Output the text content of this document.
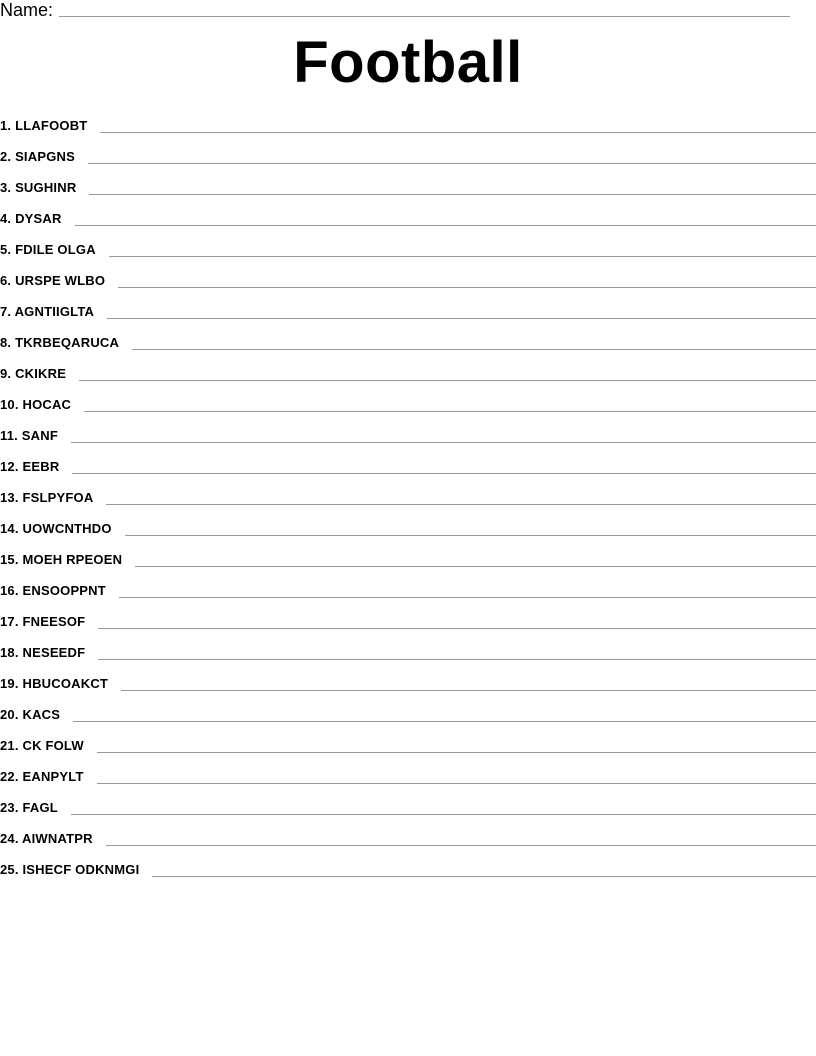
Name:
Football
1. LLAFOOBT
2. SIAPGNS
3. SUGHINR
4. DYSAR
5. FDILE OLGA
6. URSPE WLBO
7. AGNTIIGLTA
8. TKRBEQARUCA
9. CKIKRE
10. HOCAC
11. SANF
12. EEBR
13. FSLPYFOA
14. UOWCNTHDO
15. MOEH RPEOEN
16. ENSOOPPNT
17. FNEESOF
18. NESEEDF
19. HBUCOAKCT
20. KACS
21. CK FOLW
22. EANPYLT
23. FAGL
24. AIWNATPR
25. ISHECF ODKNMGI
